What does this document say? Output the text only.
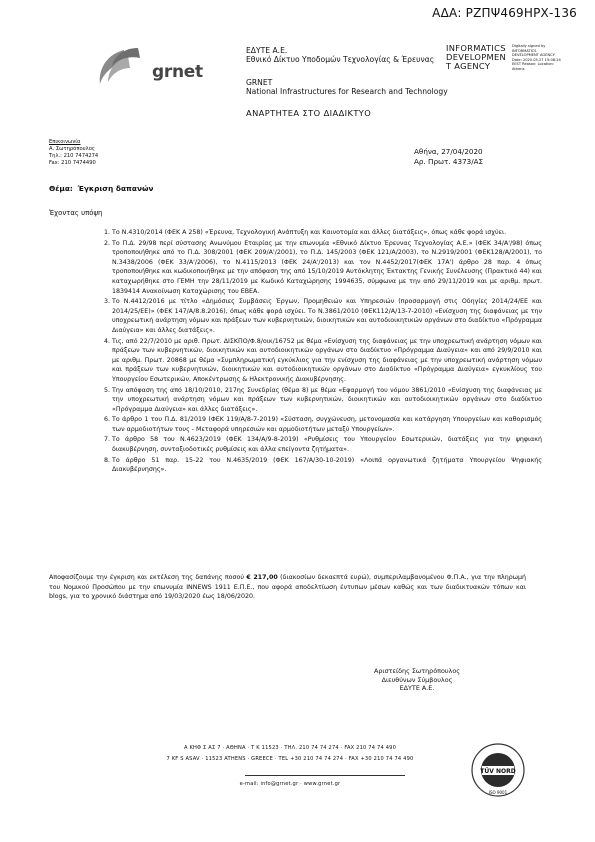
ΑΔΑ: ΡΖΠΨ469ΗΡΧ-136
grnet
ΕΔΥΤΕ Α.Ε.
Εθνικό Δίκτυο Υποδομών Τεχνολογίας & Έρευνας
GRNET
National Infrastructures for Research and Technology
ΑΝΑΡΤΗΤΕΑ ΣΤΟ ΔΙΑΔΙΚΤΥΟ
INFORMATICS
DEVELOPMEN
T AGENCY
Digitally signed by INFORMATICS DEVELOPMENT AGENCY Date: 2020.05.27 15:08:24 EEST Reason: Location: Athens
Επικοινωνία
Α. Σωτηρόπουλος
Τηλ.: 210 7474274
Fax: 210 7474490
Αθήνα, 27/04/2020
Αρ. Πρωτ. 4373/ΑΣ
Θέμα: Έγκριση δαπανών
Έχοντας υπόψη
1. Το Ν.4310/2014 (ΦΕΚ Α 258) «Έρευνα, Τεχνολογική Ανάπτυξη και Καινοτομία και άλλες διατάξεις», όπως κάθε φορά ισχύει.
2. Το Π.Δ. 29/98 περί σύστασης Ανωνύμου Εταιρίας με την επωνυμία «Εθνικό Δίκτυο Έρευνας Τεχνολογίας Α.Ε.» (ΦΕΚ 34/Α'/98) όπως τροποποιήθηκε από το Π.Δ. 308/2001 (ΦΕΚ 209/Α'/2001), το Π.Δ. 145/2003 (ΦΕΚ 121/Α/2003), το Ν.2919/2001 (ΦΕΚ128/Α/2001), το Ν.3438/2006 (ΦΕΚ 33/Α'/2006), το Ν.4115/2013 (ΦΕΚ 24/Α'/2013) και τον Ν.4452/2017(ΦΕΚ 17Α') άρθρο 28 παρ. 4 όπως τροποποιήθηκε και κωδικοποιήθηκε με την απόφαση της από 15/10/2019 Αυτόκλητης Έκτακτης Γενικής Συνέλευσης (Πρακτικό 44) και καταχωρήθηκε στο ΓΕΜΗ την 28/11/2019 με Κωδικό Καταχώρησης 1994635, σύμφωνα με την από 29/11/2019 και με αριθμ. πρωτ. 1839414 Ανακοίνωση Καταχώρισης του ΕΒΕΑ.
3. Το Ν.4412/2016 με τίτλο «Δημόσιες Συμβάσεις Έργων, Προμηθειών και Υπηρεσιών (προσαρμογή στις Οδηγίες 2014/24/ΕΕ και 2014/25/ΕΕ)» (ΦΕΚ 147/Α/8.8.2016), όπως κάθε φορά ισχύει. Το Ν.3861/2010 (ΦΕΚ112/Α/13-7-2010) «Ενίσχυση της διαφάνειας με την υποχρεωτική ανάρτηση νόμων και πράξεων των κυβερνητικών, διοικητικών και αυτοδιοικητικών οργάνων στο διαδίκτυο «Πρόγραμμα Διαύγεια» και άλλες διατάξεις».
4. Τις, από 22/7/2010 με αριθ. Πρωτ. ΔΙΣΚΠΟ/Φ.8/οικ/16752 με θέμα «Ενίσχυση της διαφάνειας με την υποχρεωτική ανάρτηση νόμων και πράξεων των κυβερνητικών, διοικητικών και αυτοδιοικητικών οργάνων στο διαδίκτυο «Πρόγραμμα Διαύγεια» και από 29/9/2010 και με αριθμ. Πρωτ. 20868 με θέμα «Συμπληρωματική εγκύκλιος για την ενίσχυση της διαφάνειας με την υποχρεωτική ανάρτηση νόμων και πράξεων των κυβερνητικών, διοικητικών και αυτοδιοικητικών οργάνων στο Διαδίκτυο «Πρόγραμμα Διαύγεια» εγκυκλίους του Υπουργείου Εσωτερικών, Αποκέντρωσης & Ηλεκτρονικής Διακυβέρνησης.
5. Την απόφαση της από 18/10/2010, 217ης Συνεδρίας (θέμα 8) με θέμα «Εφαρμογή του νόμου 3861/2010 «Ενίσχυση της διαφάνειας με την υποχρεωτική ανάρτηση νόμων και πράξεων των κυβερνητικών, διοικητικών και αυτοδιοικητικών οργάνων στο διαδίκτυο «Πρόγραμμα Διαύγεια» και άλλες διατάξεις».
6. Το άρθρο 1 του Π.Δ. 81/2019 (ΦΕΚ 119/Α/8-7-2019) «Σύσταση, συγχώνευση, μετονομασία και κατάργηση Υπουργείων και καθορισμός των αρμοδιοτήτων τους - Μεταφορά υπηρεσιών και αρμοδιοτήτων μεταξύ Υπουργείων».
7. Το άρθρο 58 του Ν.4623/2019 (ΦΕΚ 134/Α/9-8-2019) «Ρυθμίσεις του Υπουργείου Εσωτερικών, διατάξεις για την ψηφιακή διακυβέρνηση, συνταξιοδοτικές ρυθμίσεις και άλλα επείγοντα ζητήματα».
8. Το άρθρο 51 παρ. 15-22 του Ν.4635/2019 (ΦΕΚ 167/Α/30-10-2019) «Λοιπά οργανωτικά ζητήματα Υπουργείου Ψηφιακής Διακυβέρνησης».
Αποφασίζουμε την έγκριση και εκτέλεση της δαπάνης ποσού € 217,00 (διακοσίων δεκαεπτά ευρώ), συμπεριλαμβανομένου Φ.Π.Α., για την πληρωμή του Νομικού Προσώπου με την επωνυμία INNEWS 1911 Ε.Π.Ε., που αφορά αποδελτίωση έντυπων μέσων καθώς και των διαδικτυακών τόπων και blogs, για το χρονικό διάστημα από 19/03/2020 έως 18/06/2020.
Αριστείδης Σωτηρόπουλος
Διευθύνων Σύμβουλος
ΕΔΥΤΕ Α.Ε.
Α ΚΗΦ Σ ΑΣ 7 · ΑΘΗΝΑ · Τ Κ 11523 · ΤΗΛ. 210 74 74 274 · FAX 210 74 74 490
7 KF S ASAV · 11523 ATHENS · GREECE · TEL +30 210 74 74 274 · FAX +30 210 74 74 490
e-mail: info@grnet.gr · www.grnet.gr
TÜV NORD
ISO 9001
